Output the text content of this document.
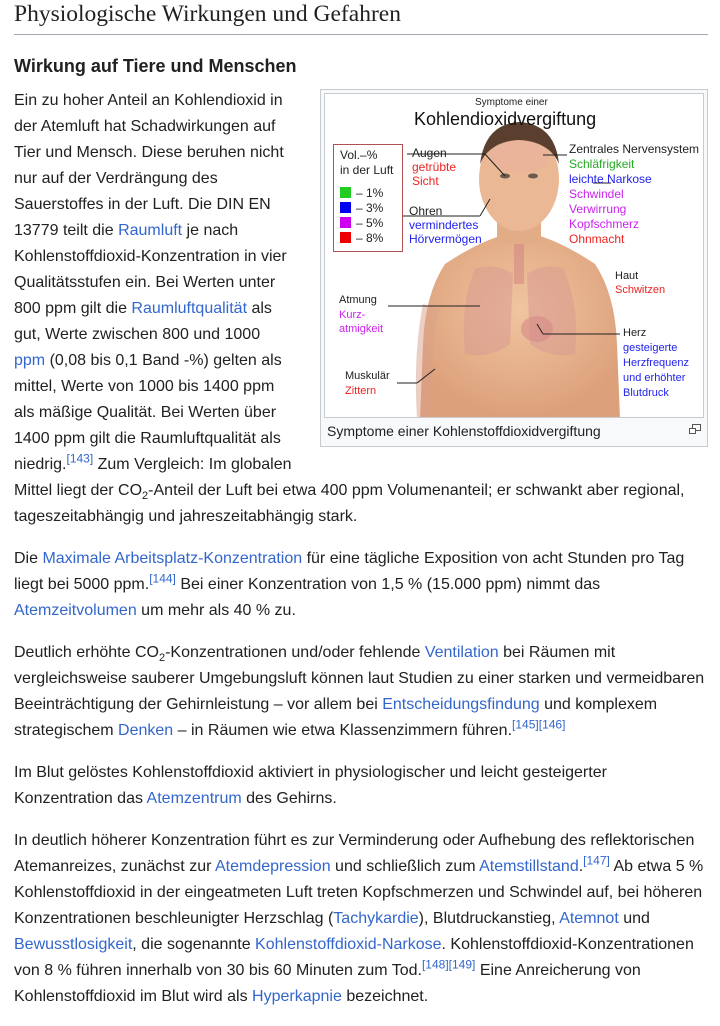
Physiologische Wirkungen und Gefahren
Wirkung auf Tiere und Menschen
Symptome einer
Kohlendioxidvergiftung
Vol.–%
in der Luft
– 1%
– 3%
– 5%
– 8%
Augen
getrübte
Sicht
Ohren
vermindertes
Hörvermögen
Zentrales Nervensystem
Schläfrigkeit
leichte Narkose
Schwindel
Verwirrung
Kopfschmerz
Ohnmacht
Haut
Schwitzen
Atmung
Kurz-
atmigkeit	Herz
gesteigerte
Herzfrequenz
und erhöhter
Blutdruck
Muskulär
Zittern
Symptome einer Kohlenstoffdioxidvergiftung

Ein zu hoher Anteil an Kohlendioxid in der Atemluft hat Schadwirkungen auf Tier und Mensch. Diese beruhen nicht nur auf der Verdrängung des Sauerstoffes in der Luft. Die DIN EN 13779 teilt die Raumluft je nach Kohlenstoffdioxid-Konzentration in vier Qualitätsstufen ein. Bei Werten unter 800 ppm gilt die Raumluftqualität als gut, Werte zwischen 800 und 1000 ppm (0,08 bis 0,1 Band -%) gelten als mittel, Werte von 1000 bis 1400 ppm als mäßige Qualität. Bei Werten über 1400 ppm gilt die Raumluftqualität als niedrig.[143] Zum Vergleich: Im globalen Mittel liegt der $CO_2$-Anteil der Luft bei etwa 400 ppm Volumenanteil; er schwankt aber regional, tageszeitabhängig und jahreszeitabhängig stark.

Die Maximale Arbeitsplatz-Konzentration für eine tägliche Exposition von acht Stunden pro Tag liegt bei 5000 ppm.[144] Bei einer Konzentration von 1,5 % (15.000 ppm) nimmt das Atemzeitvolumen um mehr als 40 % zu.

Deutlich erhöhte $CO_2$-Konzentrationen und/oder fehlende Ventilation bei Räumen mit vergleichsweise sauberer Umgebungsluft können laut Studien zu einer starken und vermeidbaren Beeinträchtigung der Gehirnleistung – vor allem bei Entscheidungsfindung und komplexem strategischem Denken – in Räumen wie etwa Klassenzimmern führen.[145][146]

Im Blut gelöstes Kohlenstoffdioxid aktiviert in physiologischer und leicht gesteigerter Konzentration das Atemzentrum des Gehirns.

In deutlich höherer Konzentration führt es zur Verminderung oder Aufhebung des reflektorischen Atemanreizes, zunächst zur Atemdepression und schließlich zum Atemstillstand.[147] Ab etwa 5 % Kohlenstoffdioxid in der eingeatmeten Luft treten Kopfschmerzen und Schwindel auf, bei höheren Konzentrationen beschleunigter Herzschlag (Tachykardie), Blutdruckanstieg, Atemnot und Bewusstlosigkeit, die sogenannte Kohlenstoffdioxid-Narkose. Kohlenstoffdioxid-Konzentrationen von 8 % führen innerhalb von 30 bis 60 Minuten zum Tod.[148][149] Eine Anreicherung von Kohlenstoffdioxid im Blut wird als Hyperkapnie bezeichnet.
